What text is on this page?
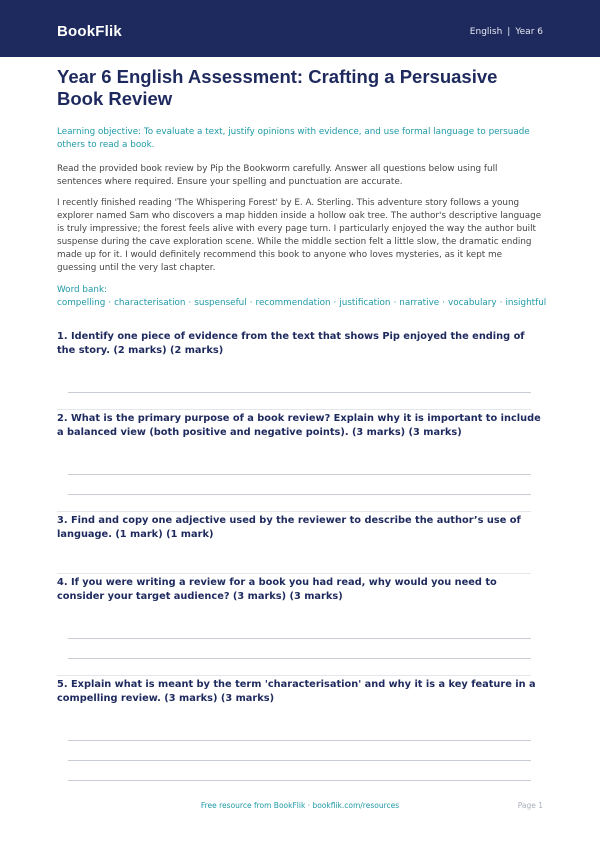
BookFlik	English | Year 6
Year 6 English Assessment: Crafting a Persuasive Book Review
Learning objective: To evaluate a text, justify opinions with evidence, and use formal language to persuade others to read a book.
Read the provided book review by Pip the Bookworm carefully. Answer all questions below using full sentences where required. Ensure your spelling and punctuation are accurate.
I recently finished reading 'The Whispering Forest' by E. A. Sterling. This adventure story follows a young explorer named Sam who discovers a map hidden inside a hollow oak tree. The author's descriptive language is truly impressive; the forest feels alive with every page turn. I particularly enjoyed the way the author built suspense during the cave exploration scene. While the middle section felt a little slow, the dramatic ending made up for it. I would definitely recommend this book to anyone who loves mysteries, as it kept me guessing until the very last chapter.
Word bank: compelling · characterisation · suspenseful · recommendation · justification · narrative · vocabulary · insightful

1. Identify one piece of evidence from the text that shows Pip enjoyed the ending of the story. (2 marks) (2 marks)

2. What is the primary purpose of a book review? Explain why it is important to include a balanced view (both positive and negative points). (3 marks) (3 marks)

3. Find and copy one adjective used by the reviewer to describe the author’s use of language. (1 mark) (1 mark)

4. If you were writing a review for a book you had read, why would you need to consider your target audience? (3 marks) (3 marks)

5. Explain what is meant by the term 'characterisation' and why it is a key feature in a compelling review. (3 marks) (3 marks)

Free resource from BookFlik · bookflik.com/resources	Page 1
